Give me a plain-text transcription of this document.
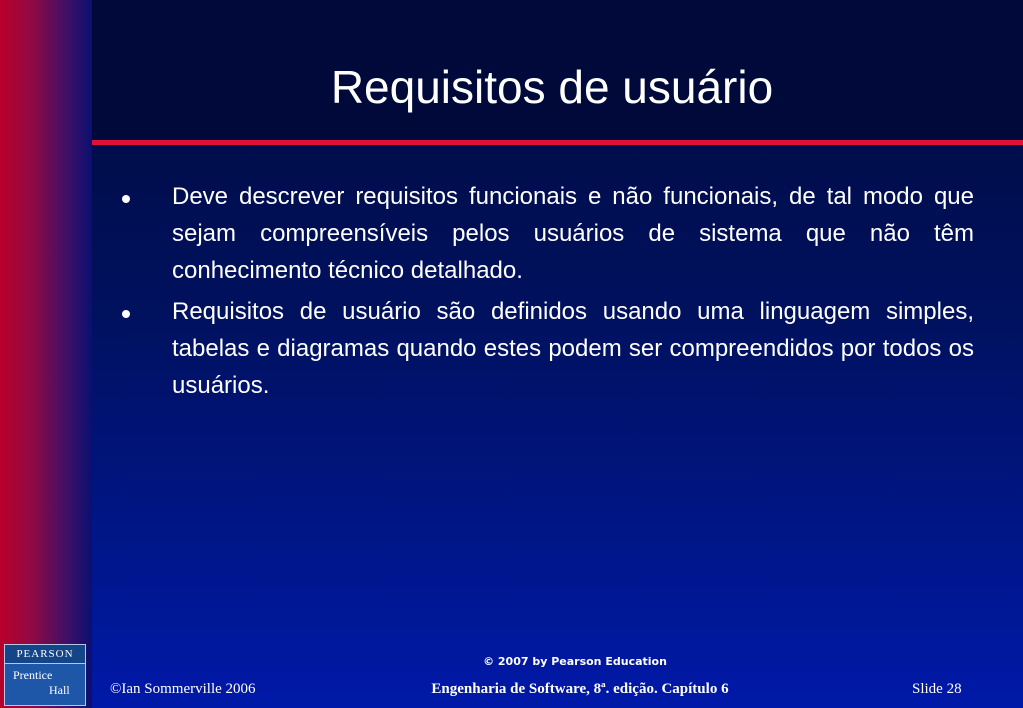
Requisitos de usuário
Deve descrever requisitos funcionais e não funcionais, de tal modo que sejam compreensíveis pelos usuários de sistema que não têm conhecimento técnico detalhado.
Requisitos de usuário são definidos usando uma linguagem simples, tabelas e diagramas quando estes podem ser compreendidos por todos os usuários.
© 2007 by Pearson Education
PEARSON
Prentice
Hall	©Ian Sommerville 2006	Engenharia de Software, 8ª. edição. Capítulo 6	Slide 28
